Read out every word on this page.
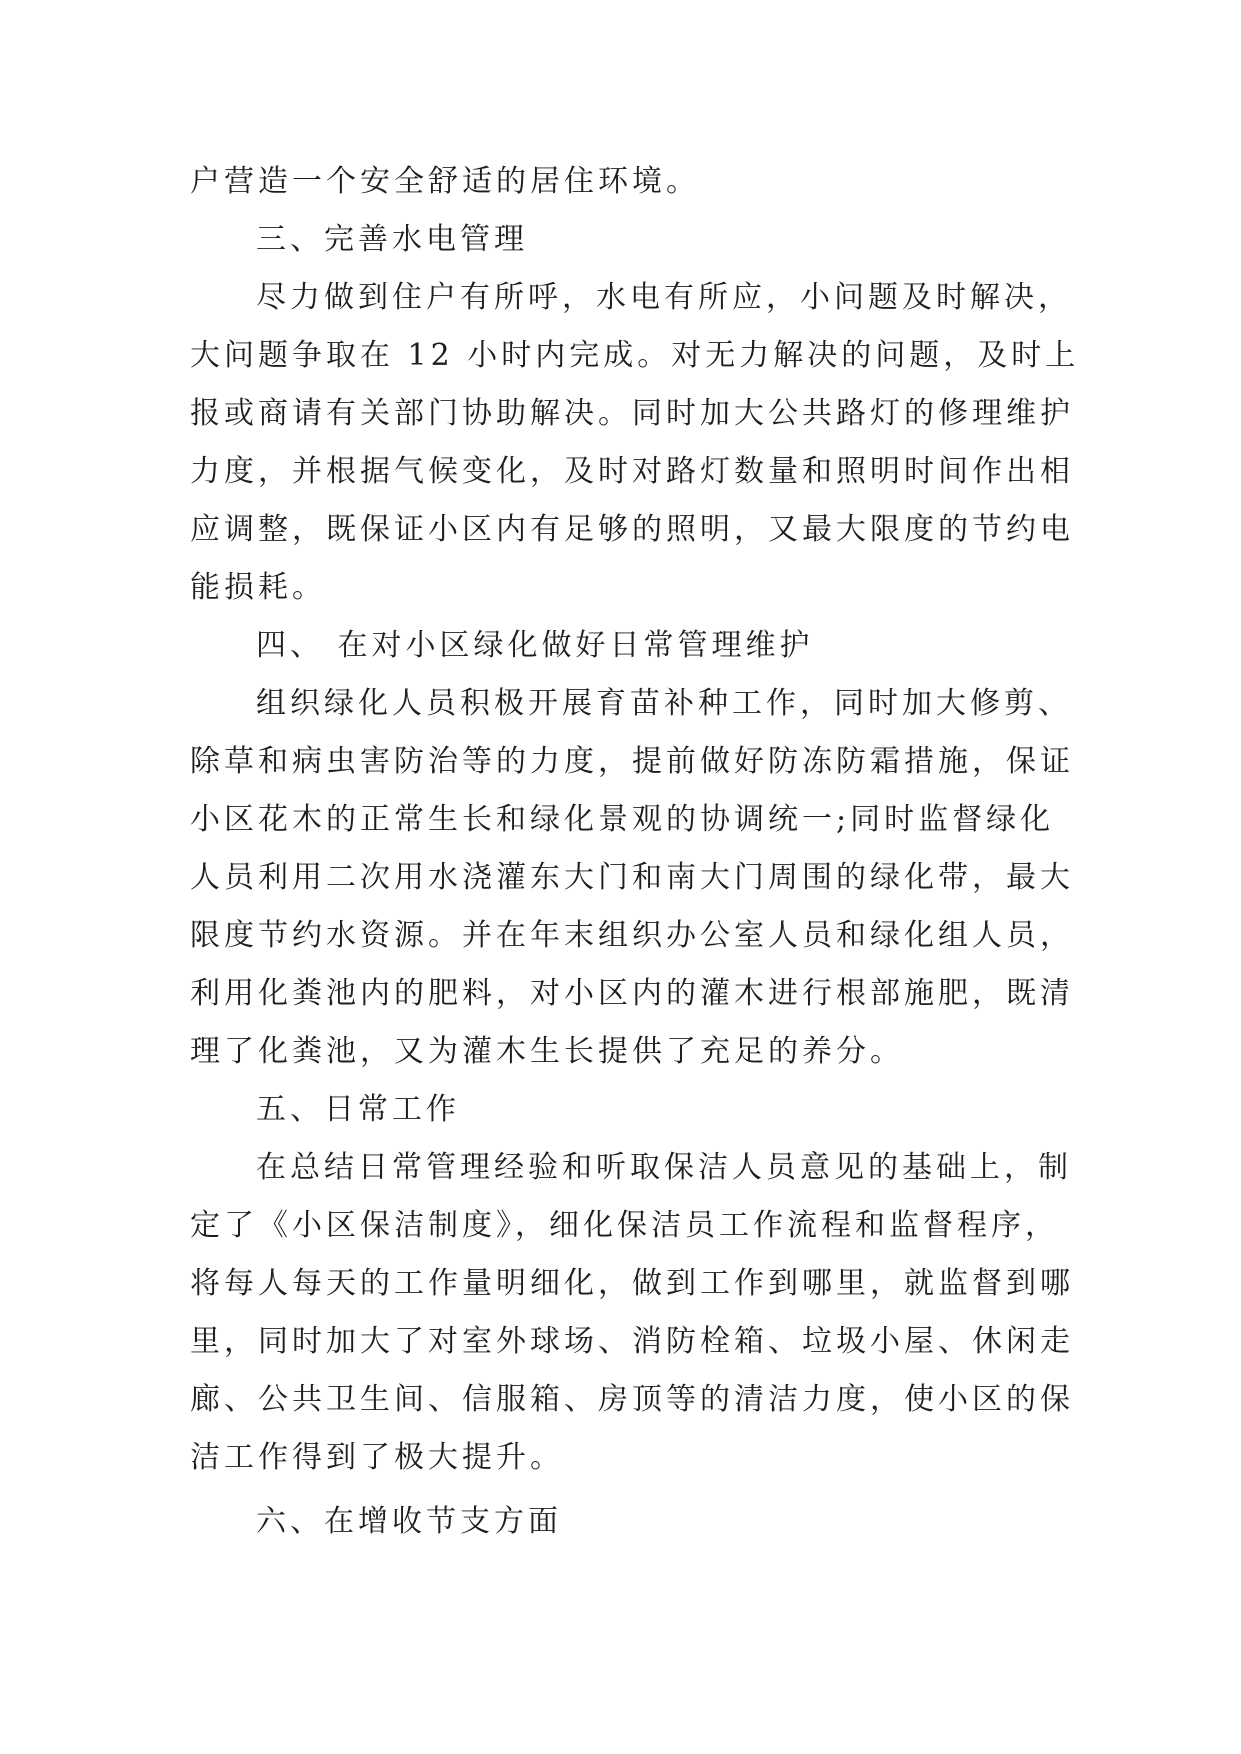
户营造一个安全舒适的居住环境。
三、完善水电管理
尽力做到住户有所呼，水电有所应，小问题及时解决，
大问题争取在 12 小时内完成。对无力解决的问题，及时上
报或商请有关部门协助解决。同时加大公共路灯的修理维护
力度，并根据气候变化，及时对路灯数量和照明时间作出相
应调整，既保证小区内有足够的照明，又最大限度的节约电
能损耗。
四、 在对小区绿化做好日常管理维护
组织绿化人员积极开展育苗补种工作，同时加大修剪、
除草和病虫害防治等的力度，提前做好防冻防霜措施，保证
小区花木的正常生长和绿化景观的协调统一;同时监督绿化
人员利用二次用水浇灌东大门和南大门周围的绿化带，最大
限度节约水资源。并在年末组织办公室人员和绿化组人员，
利用化粪池内的肥料，对小区内的灌木进行根部施肥，既清
理了化粪池，又为灌木生长提供了充足的养分。
五、日常工作
在总结日常管理经验和听取保洁人员意见的基础上，制
定了《小区保洁制度》，细化保洁员工作流程和监督程序，
将每人每天的工作量明细化，做到工作到哪里，就监督到哪
里，同时加大了对室外球场、消防栓箱、垃圾小屋、休闲走
廊、公共卫生间、信服箱、房顶等的清洁力度，使小区的保
洁工作得到了极大提升。
六、在增收节支方面
